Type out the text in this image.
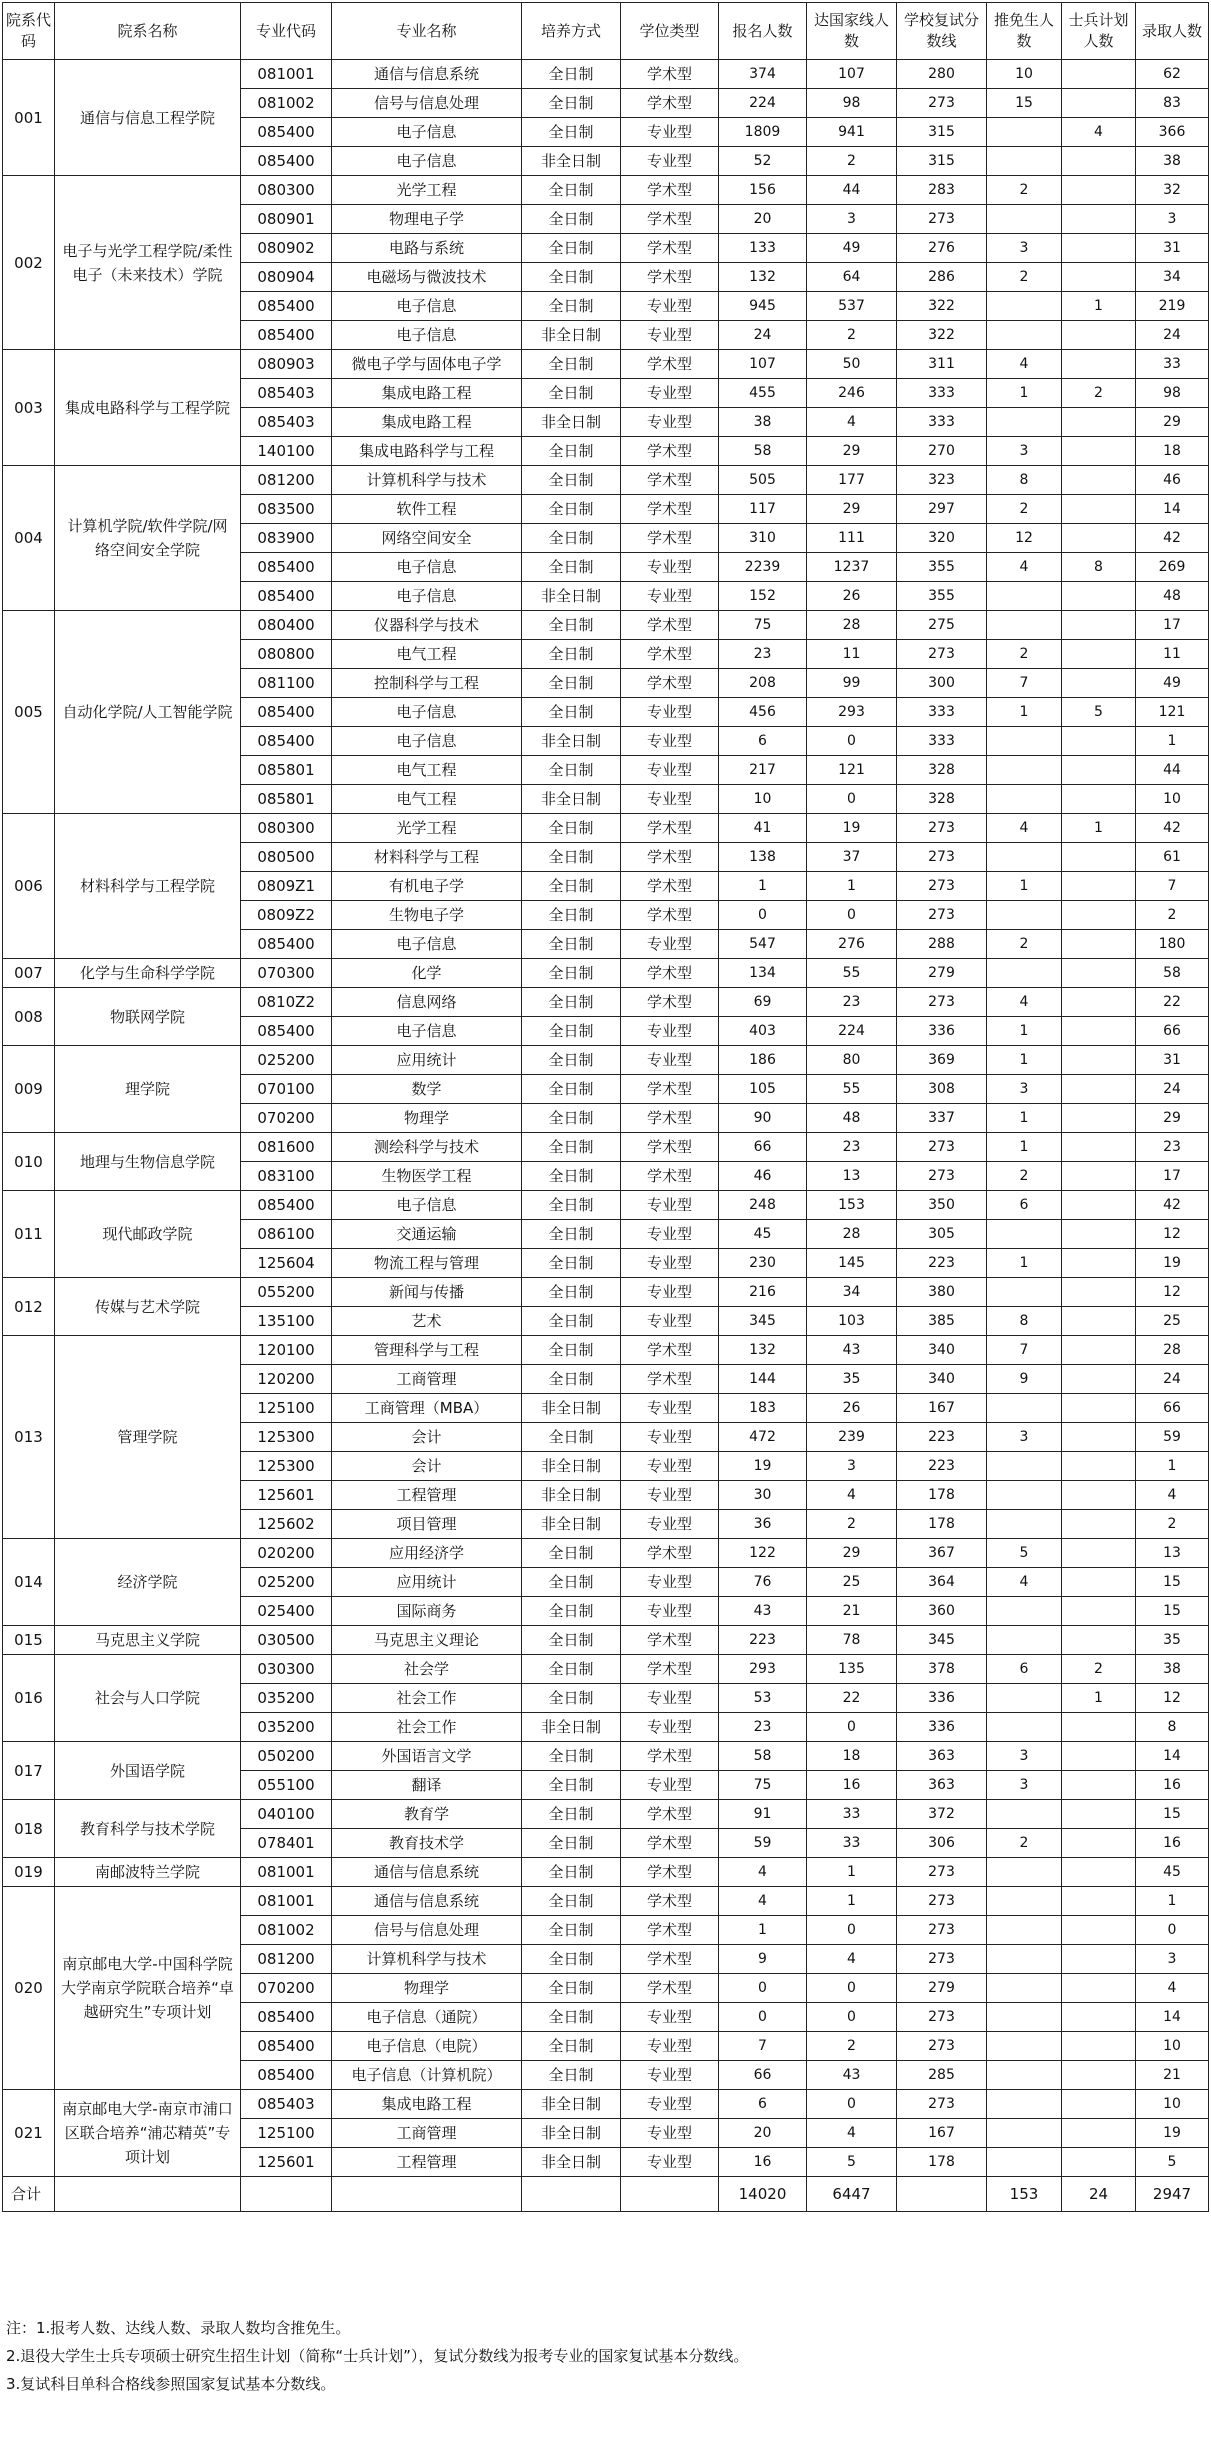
院系代码	院系名称	专业代码	专业名称	培养方式	学位类型	报名人数	达国家线人数	学校复试分数线	推免生人数	士兵计划人数	录取人数
001	通信与信息工程学院	081001	通信与信息系统	全日制	学术型	374	107	280	10		62
		081002	信号与信息处理	全日制	学术型	224	98	273	15		83
		085400	电子信息	全日制	专业型	1809	941	315		4	366
		085400	电子信息	非全日制	专业型	52	2	315			38
002	电子与光学工程学院/柔性电子（未来技术）学院	080300	光学工程	全日制	学术型	156	44	283	2		32
		080901	物理电子学	全日制	学术型	20	3	273			3
		080902	电路与系统	全日制	学术型	133	49	276	3		31
		080904	电磁场与微波技术	全日制	学术型	132	64	286	2		34
		085400	电子信息	全日制	专业型	945	537	322		1	219
		085400	电子信息	非全日制	专业型	24	2	322			24
003	集成电路科学与工程学院	080903	微电子学与固体电子学	全日制	学术型	107	50	311	4		33
		085403	集成电路工程	全日制	专业型	455	246	333	1	2	98
		085403	集成电路工程	非全日制	专业型	38	4	333			29
		140100	集成电路科学与工程	全日制	学术型	58	29	270	3		18
004	计算机学院/软件学院/网络空间安全学院	081200	计算机科学与技术	全日制	学术型	505	177	323	8		46
		083500	软件工程	全日制	学术型	117	29	297	2		14
		083900	网络空间安全	全日制	学术型	310	111	320	12		42
		085400	电子信息	全日制	专业型	2239	1237	355	4	8	269
		085400	电子信息	非全日制	专业型	152	26	355			48
005	自动化学院/人工智能学院	080400	仪器科学与技术	全日制	学术型	75	28	275			17
		080800	电气工程	全日制	学术型	23	11	273	2		11
		081100	控制科学与工程	全日制	学术型	208	99	300	7		49
		085400	电子信息	全日制	专业型	456	293	333	1	5	121
		085400	电子信息	非全日制	专业型	6	0	333			1
		085801	电气工程	全日制	专业型	217	121	328			44
		085801	电气工程	非全日制	专业型	10	0	328			10
006	材料科学与工程学院	080300	光学工程	全日制	学术型	41	19	273	4	1	42
		080500	材料科学与工程	全日制	学术型	138	37	273			61
		0809Z1	有机电子学	全日制	学术型	1	1	273	1		7
		0809Z2	生物电子学	全日制	学术型	0	0	273			2
		085400	电子信息	全日制	专业型	547	276	288	2		180
007	化学与生命科学学院	070300	化学	全日制	学术型	134	55	279			58
008	物联网学院	0810Z2	信息网络	全日制	学术型	69	23	273	4		22
		085400	电子信息	全日制	专业型	403	224	336	1		66
009	理学院	025200	应用统计	全日制	专业型	186	80	369	1		31
		070100	数学	全日制	学术型	105	55	308	3		24
		070200	物理学	全日制	学术型	90	48	337	1		29
010	地理与生物信息学院	081600	测绘科学与技术	全日制	学术型	66	23	273	1		23
		083100	生物医学工程	全日制	学术型	46	13	273	2		17
011	现代邮政学院	085400	电子信息	全日制	专业型	248	153	350	6		42
		086100	交通运输	全日制	专业型	45	28	305			12
		125604	物流工程与管理	全日制	专业型	230	145	223	1		19
012	传媒与艺术学院	055200	新闻与传播	全日制	专业型	216	34	380			12
		135100	艺术	全日制	专业型	345	103	385	8		25
013	管理学院	120100	管理科学与工程	全日制	学术型	132	43	340	7		28
		120200	工商管理	全日制	学术型	144	35	340	9		24
		125100	工商管理（MBA）	非全日制	专业型	183	26	167			66
		125300	会计	全日制	专业型	472	239	223	3		59
		125300	会计	非全日制	专业型	19	3	223			1
		125601	工程管理	非全日制	专业型	30	4	178			4
		125602	项目管理	非全日制	专业型	36	2	178			2
014	经济学院	020200	应用经济学	全日制	学术型	122	29	367	5		13
		025200	应用统计	全日制	专业型	76	25	364	4		15
		025400	国际商务	全日制	专业型	43	21	360			15
015	马克思主义学院	030500	马克思主义理论	全日制	学术型	223	78	345			35
016	社会与人口学院	030300	社会学	全日制	学术型	293	135	378	6	2	38
		035200	社会工作	全日制	专业型	53	22	336		1	12
		035200	社会工作	非全日制	专业型	23	0	336			8
017	外国语学院	050200	外国语言文学	全日制	学术型	58	18	363	3		14
		055100	翻译	全日制	专业型	75	16	363	3		16
018	教育科学与技术学院	040100	教育学	全日制	学术型	91	33	372			15
		078401	教育技术学	全日制	学术型	59	33	306	2		16
019	南邮波特兰学院	081001	通信与信息系统	全日制	学术型	4	1	273			45
020	南京邮电大学-中国科学院大学南京学院联合培养“卓越研究生”专项计划	081001	通信与信息系统	全日制	学术型	4	1	273			1
		081002	信号与信息处理	全日制	学术型	1	0	273			0
		081200	计算机科学与技术	全日制	学术型	9	4	273			3
		070200	物理学	全日制	学术型	0	0	279			4
		085400	电子信息（通院）	全日制	专业型	0	0	273			14
		085400	电子信息（电院）	全日制	专业型	7	2	273			10
		085400	电子信息（计算机院）	全日制	专业型	66	43	285			21
021	南京邮电大学-南京市浦口区联合培养“浦芯精英”专项计划	085403	集成电路工程	非全日制	专业型	6	0	273			10
		125100	工商管理	非全日制	专业型	20	4	167			19
		125601	工程管理	非全日制	专业型	16	5	178			5
合计						14020	6447		153	24	2947
注：1.报考人数、达线人数、录取人数均含推免生。
2.退役大学生士兵专项硕士研究生招生计划（简称“士兵计划”），复试分数线为报考专业的国家复试基本分数线。
3.复试科目单科合格线参照国家复试基本分数线。
